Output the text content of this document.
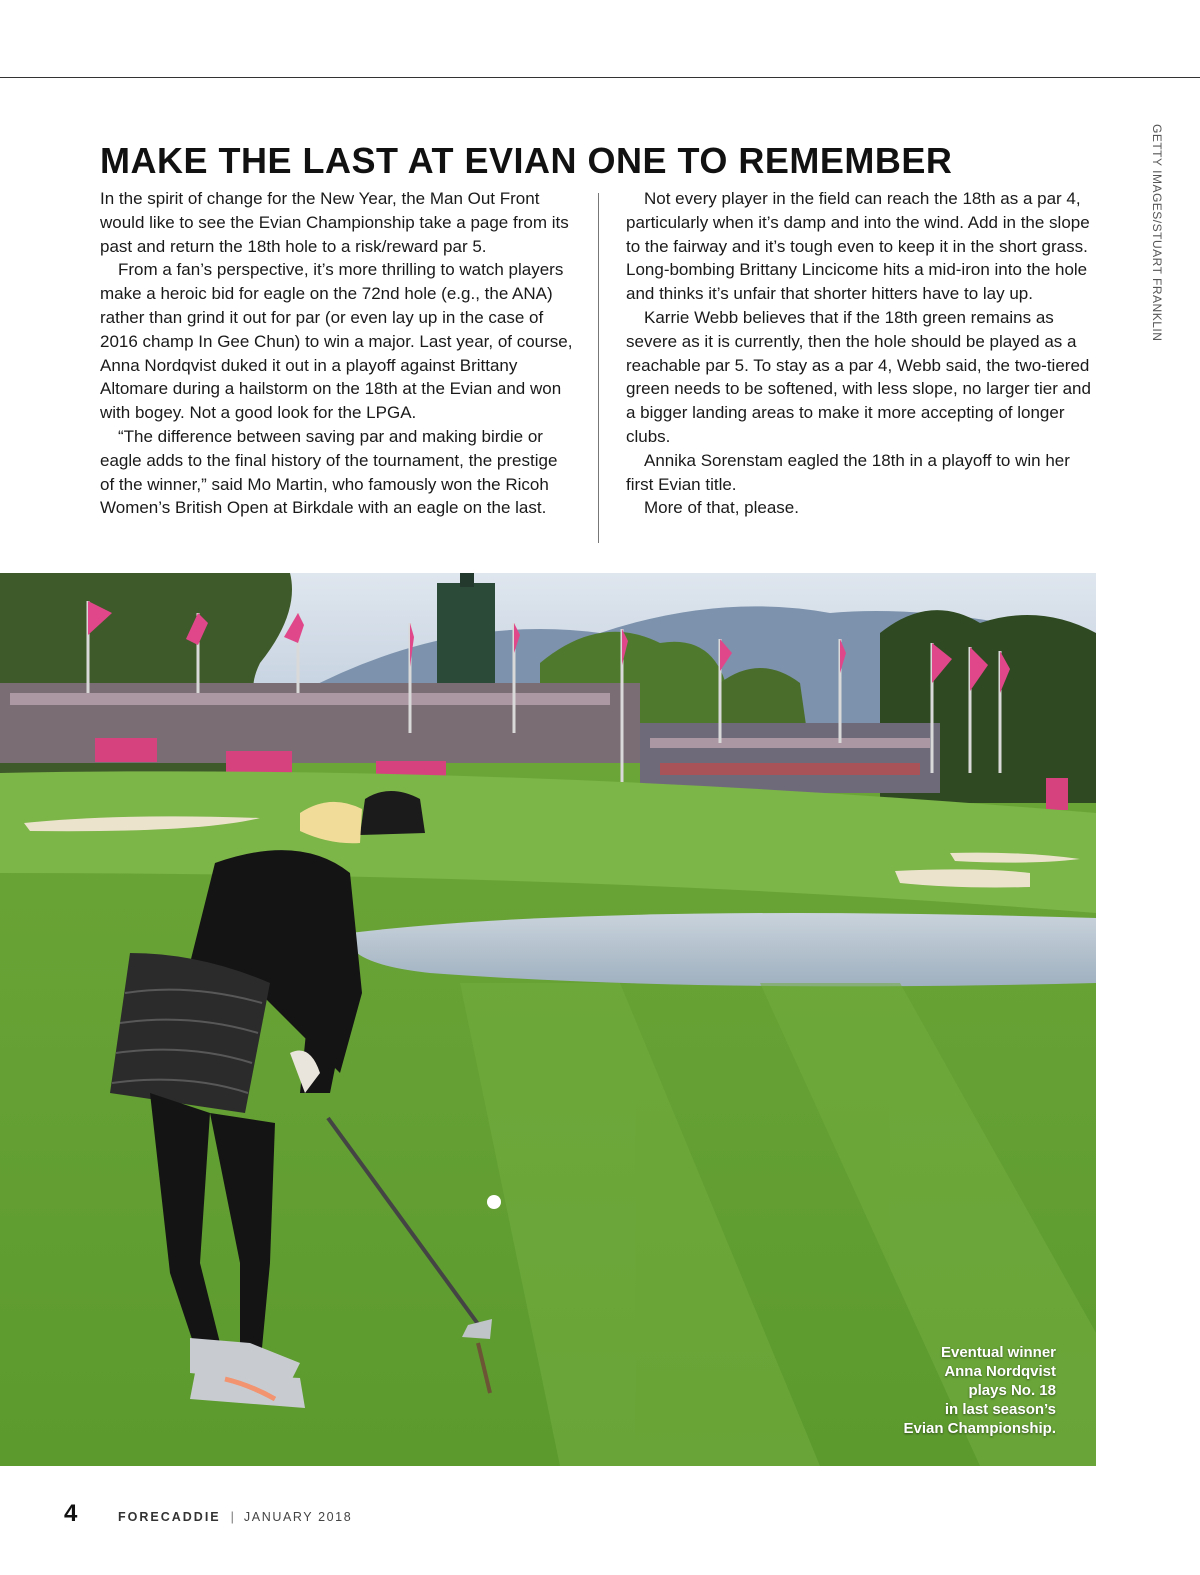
GETTY IMAGES/STUART FRANKLIN
MAKE THE LAST AT EVIAN ONE TO REMEMBER

In the spirit of change for the New Year, the Man Out Front would like to see the Evian Championship take a page from its past and return the 18th hole to a risk/reward par 5.

From a fan’s perspective, it’s more thrilling to watch players make a heroic bid for eagle on the 72nd hole (e.g., the ANA) rather than grind it out for par (or even lay up in the case of 2016 champ In Gee Chun) to win a major. Last year, of course, Anna Nordqvist duked it out in a playoff against Brittany Altomare during a hailstorm on the 18th at the Evian and won with bogey. Not a good look for the LPGA.

“The difference between saving par and making birdie or eagle adds to the final history of the tournament, the prestige of the winner,” said Mo Martin, who famously won the Ricoh Women’s British Open at Birkdale with an eagle on the last.

Not every player in the field can reach the 18th as a par 4, particularly when it’s damp and into the wind. Add in the slope to the fairway and it’s tough even to keep it in the short grass. Long-bombing Brittany Lincicome hits a mid-iron into the hole and thinks it’s unfair that shorter hitters have to lay up.

Karrie Webb believes that if the 18th green remains as severe as it is currently, then the hole should be played as a reachable par 5. To stay as a par 4, Webb said, the two-tiered green needs to be softened, with less slope, no larger tier and a bigger landing areas to make it more accepting of longer clubs.

Annika Sorenstam eagled the 18th in a playoff to win her first Evian title.

More of that, please.

Eventual winner
Anna Nordqvist
plays No. 18
in last season’s
Evian Championship.
4	FORECADDIE | JANUARY 2018
